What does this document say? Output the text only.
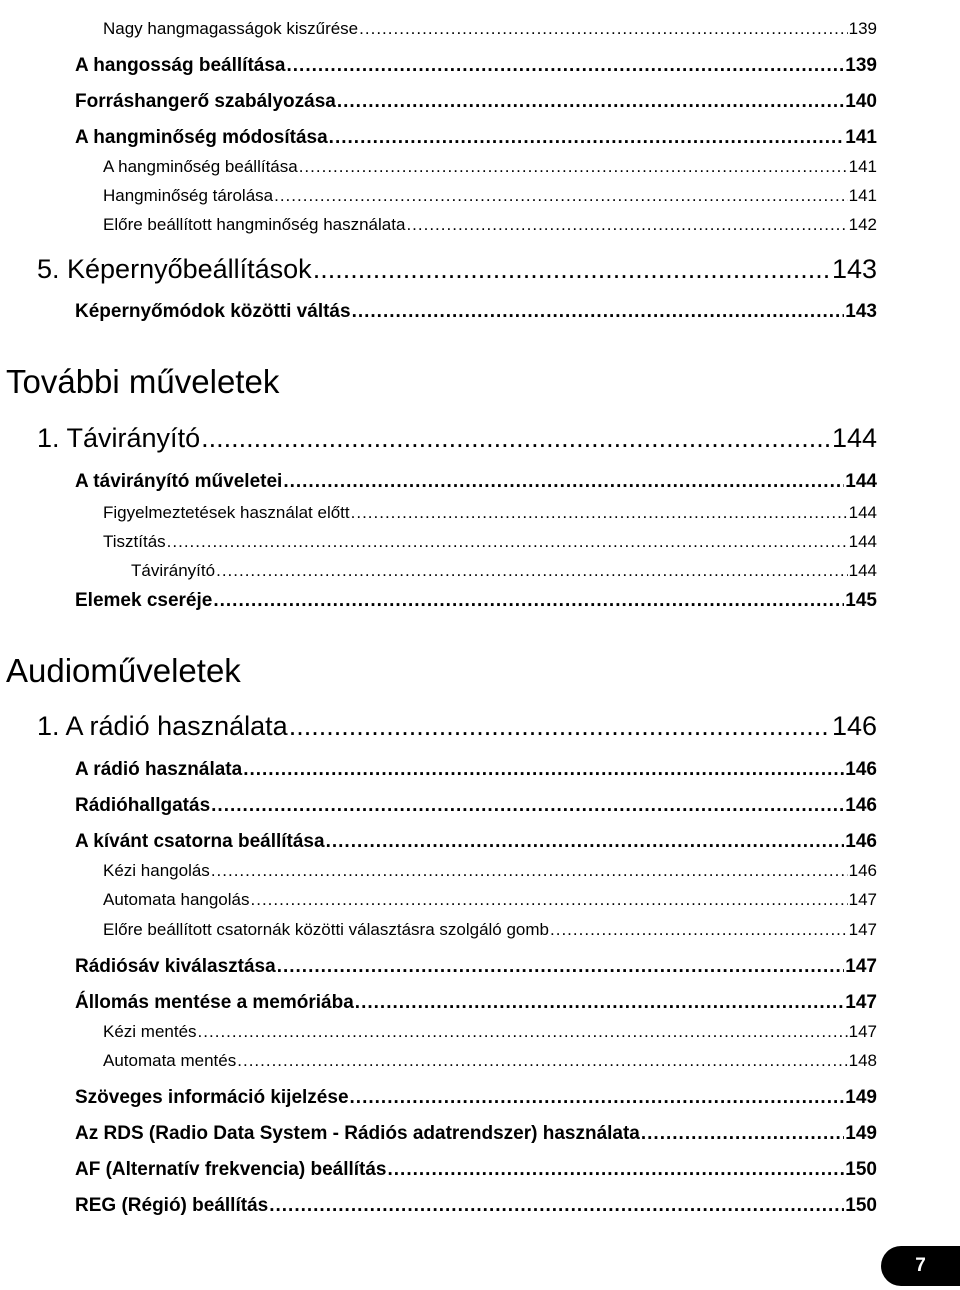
Nagy hangmagasságok kiszűrése .....	139
A hangosság beállítása .....	139
Forráshangerő szabályozása .....	140
A hangminőség módosítása .....	141
A hangminőség beállítása .....	141
Hangminőség tárolása .....	141
Előre beállított hangminőség használata .....	142
5. Képernyőbeállítások .....	143
Képernyőmódok közötti váltás .....	143
További műveletek
1. Távirányító .....	144
A távirányító műveletei .....	144
Figyelmeztetések használat előtt .....	144
Tisztítás .....	144
Távirányító .....	144
Elemek cseréje .....	145
Audioműveletek
1. A rádió használata .....	146
A rádió használata .....	146
Rádióhallgatás .....	146
A kívánt csatorna beállítása .....	146
Kézi hangolás .....	146
Automata hangolás .....	147
Előre beállított csatornák közötti választásra szolgáló gomb .....	147
Rádiósáv kiválasztása .....	147
Állomás mentése a memóriába .....	147
Kézi mentés .....	147
Automata mentés .....	148
Szöveges információ kijelzése .....	149
Az RDS (Radio Data System - Rádiós adatrendszer) használata .....	149
AF (Alternatív frekvencia) beállítás .....	150
REG (Régió) beállítás .....	150
7
